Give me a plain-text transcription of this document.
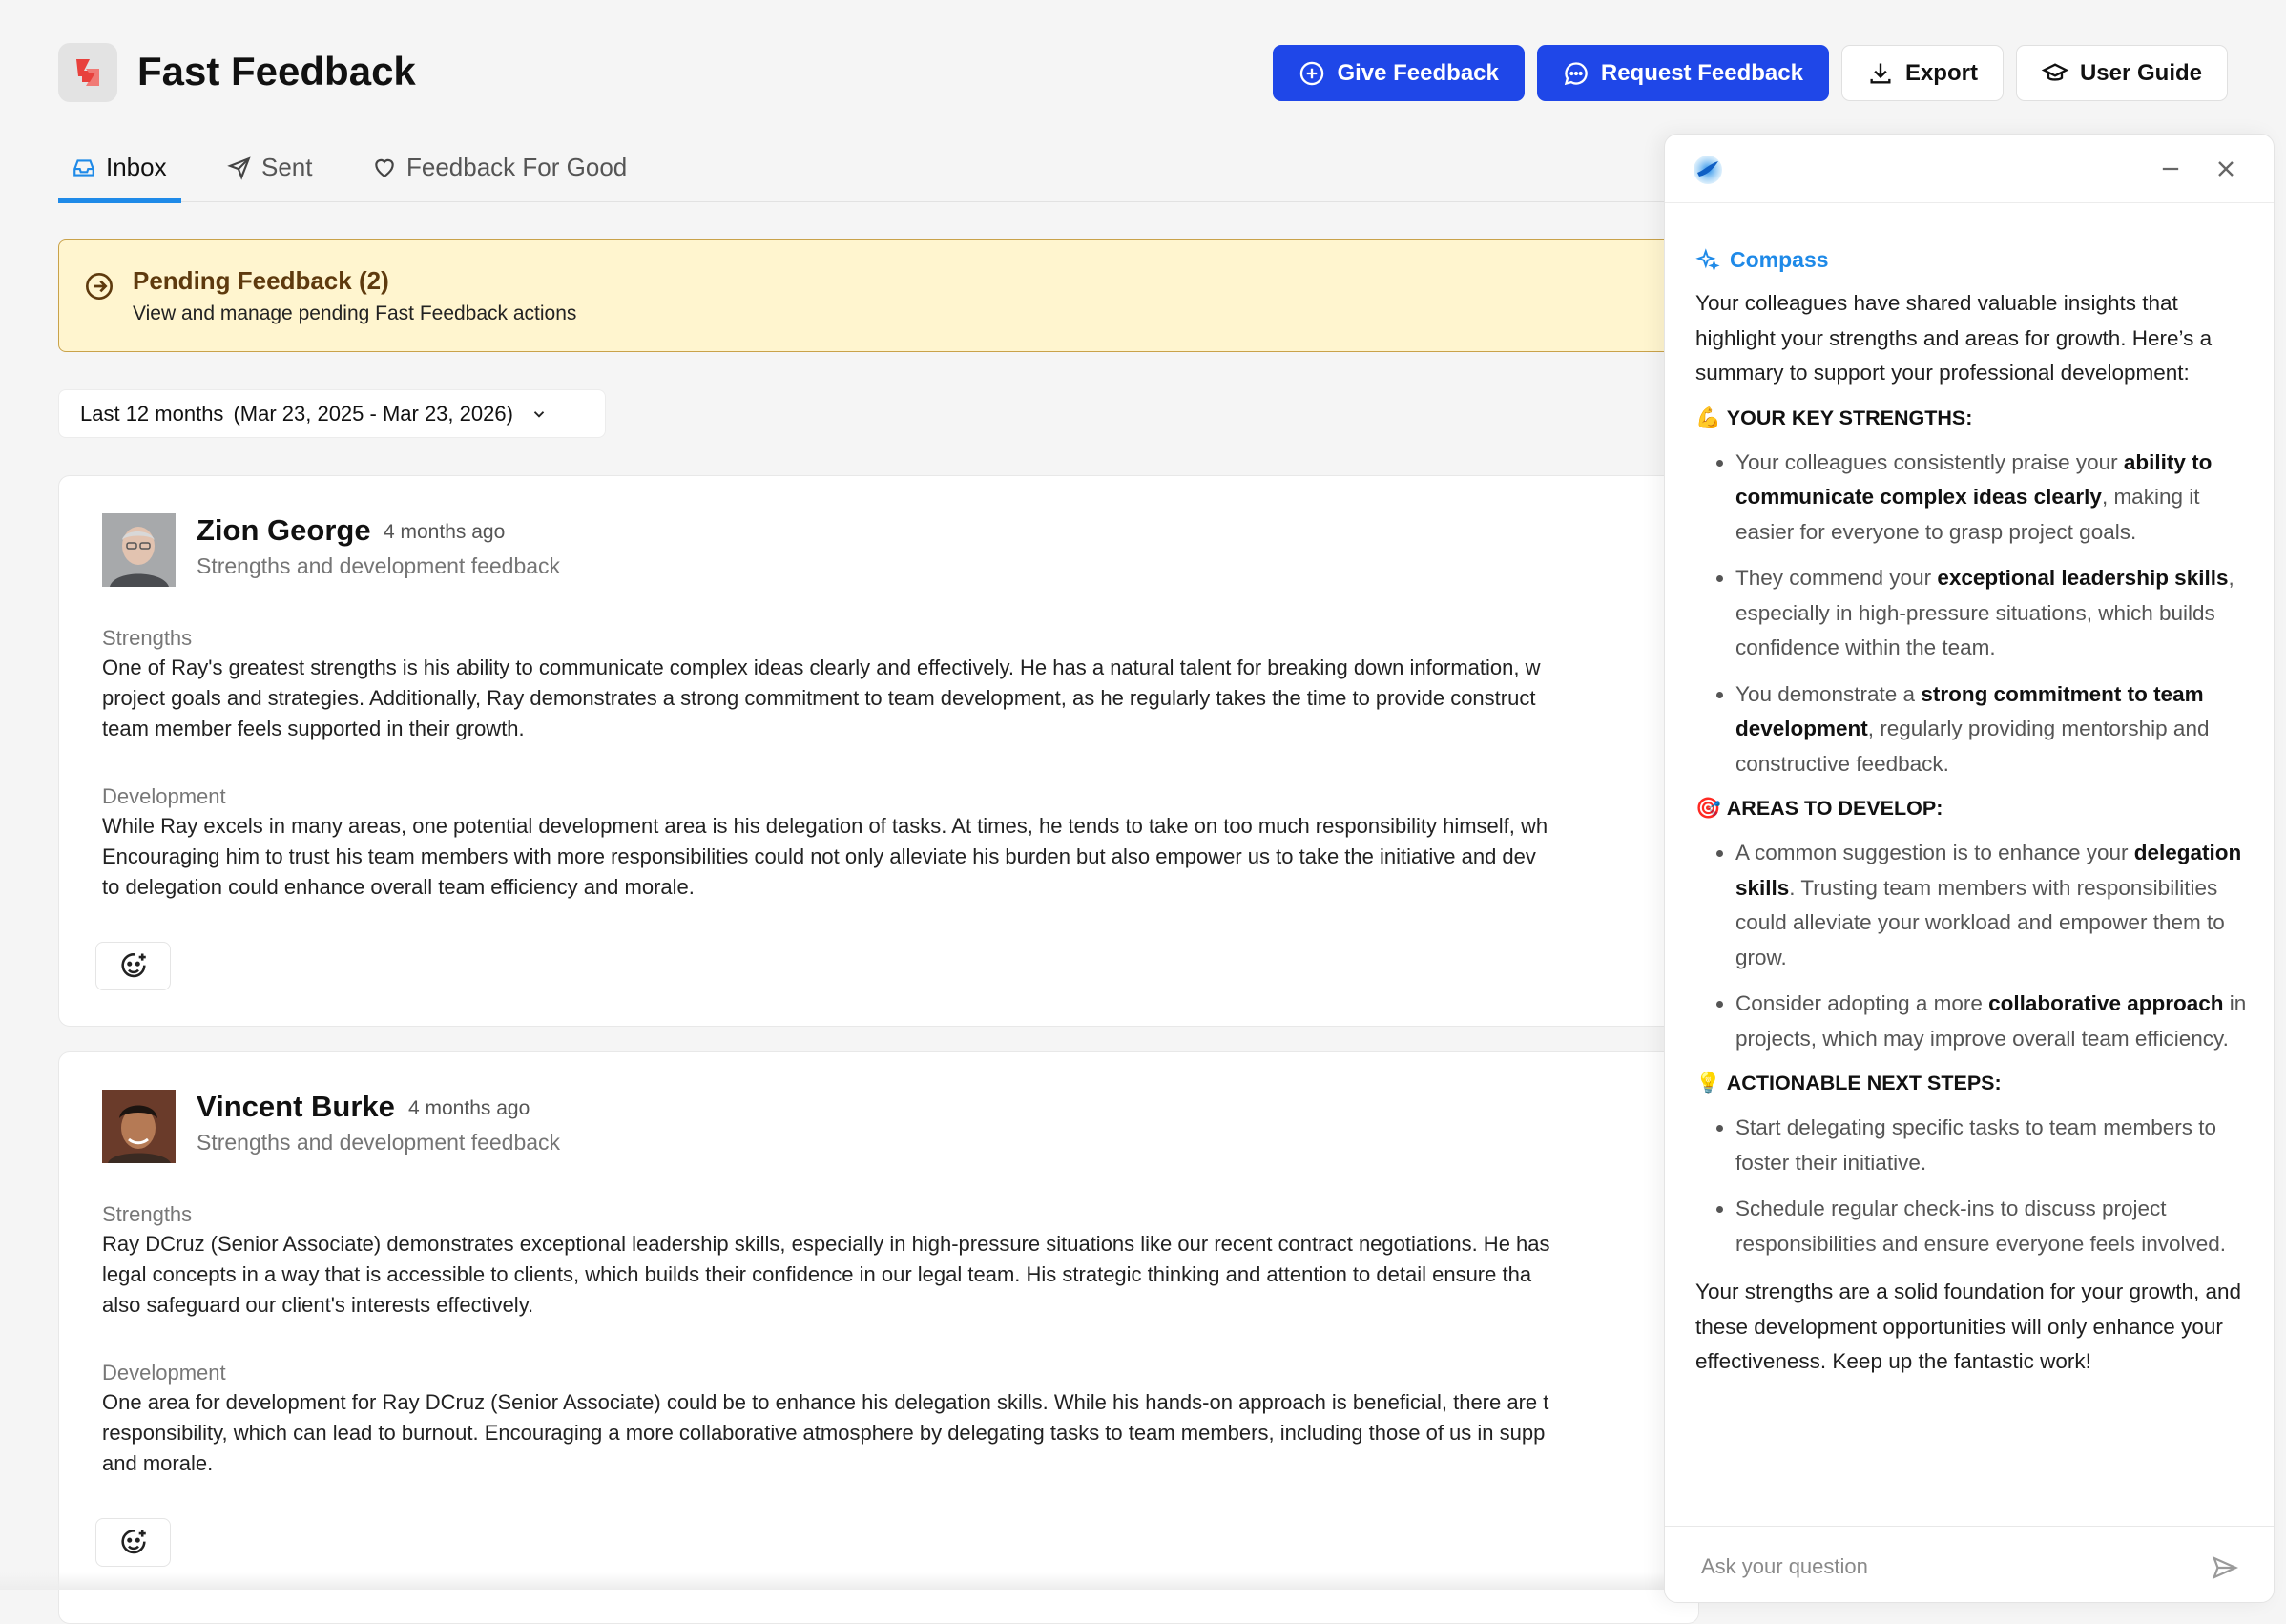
Fast Feedback	Give Feedback	Request Feedback	Export	User Guide
Inbox	Sent	Feedback For Good
Pending Feedback (2)
View and manage pending Fast Feedback actions
Last 12 months (Mar 23, 2025 - Mar 23, 2026)
Zion George 4 months ago
Strengths and development feedback
Strengths
One of Ray's greatest strengths is his ability to communicate complex ideas clearly and effectively. He has a natural talent for breaking down information, w
project goals and strategies. Additionally, Ray demonstrates a strong commitment to team development, as he regularly takes the time to provide construct
team member feels supported in their growth.
Development
While Ray excels in many areas, one potential development area is his delegation of tasks. At times, he tends to take on too much responsibility himself, wh
Encouraging him to trust his team members with more responsibilities could not only alleviate his burden but also empower us to take the initiative and dev
to delegation could enhance overall team efficiency and morale.
Vincent Burke 4 months ago
Strengths and development feedback
Strengths
Ray DCruz (Senior Associate) demonstrates exceptional leadership skills, especially in high-pressure situations like our recent contract negotiations. He has
legal concepts in a way that is accessible to clients, which builds their confidence in our legal team. His strategic thinking and attention to detail ensure tha
also safeguard our client's interests effectively.
Development
One area for development for Ray DCruz (Senior Associate) could be to enhance his delegation skills. While his hands-on approach is beneficial, there are t
responsibility, which can lead to burnout. Encouraging a more collaborative atmosphere by delegating tasks to team members, including those of us in supp
and morale.
Compass
Your colleagues have shared valuable insights that highlight your strengths and areas for growth. Here’s a summary to support your professional development:
💪 YOUR KEY STRENGTHS:
• Your colleagues consistently praise your ability to communicate complex ideas clearly, making it easier for everyone to grasp project goals.
• They commend your exceptional leadership skills, especially in high-pressure situations, which builds confidence within the team.
• You demonstrate a strong commitment to team development, regularly providing mentorship and constructive feedback.
🎯 AREAS TO DEVELOP:
• A common suggestion is to enhance your delegation skills. Trusting team members with responsibilities could alleviate your workload and empower them to grow.
• Consider adopting a more collaborative approach in projects, which may improve overall team efficiency.
💡 ACTIONABLE NEXT STEPS:
• Start delegating specific tasks to team members to foster their initiative.
• Schedule regular check-ins to discuss project responsibilities and ensure everyone feels involved.
Your strengths are a solid foundation for your growth, and these development opportunities will only enhance your effectiveness. Keep up the fantastic work!
Ask your question
